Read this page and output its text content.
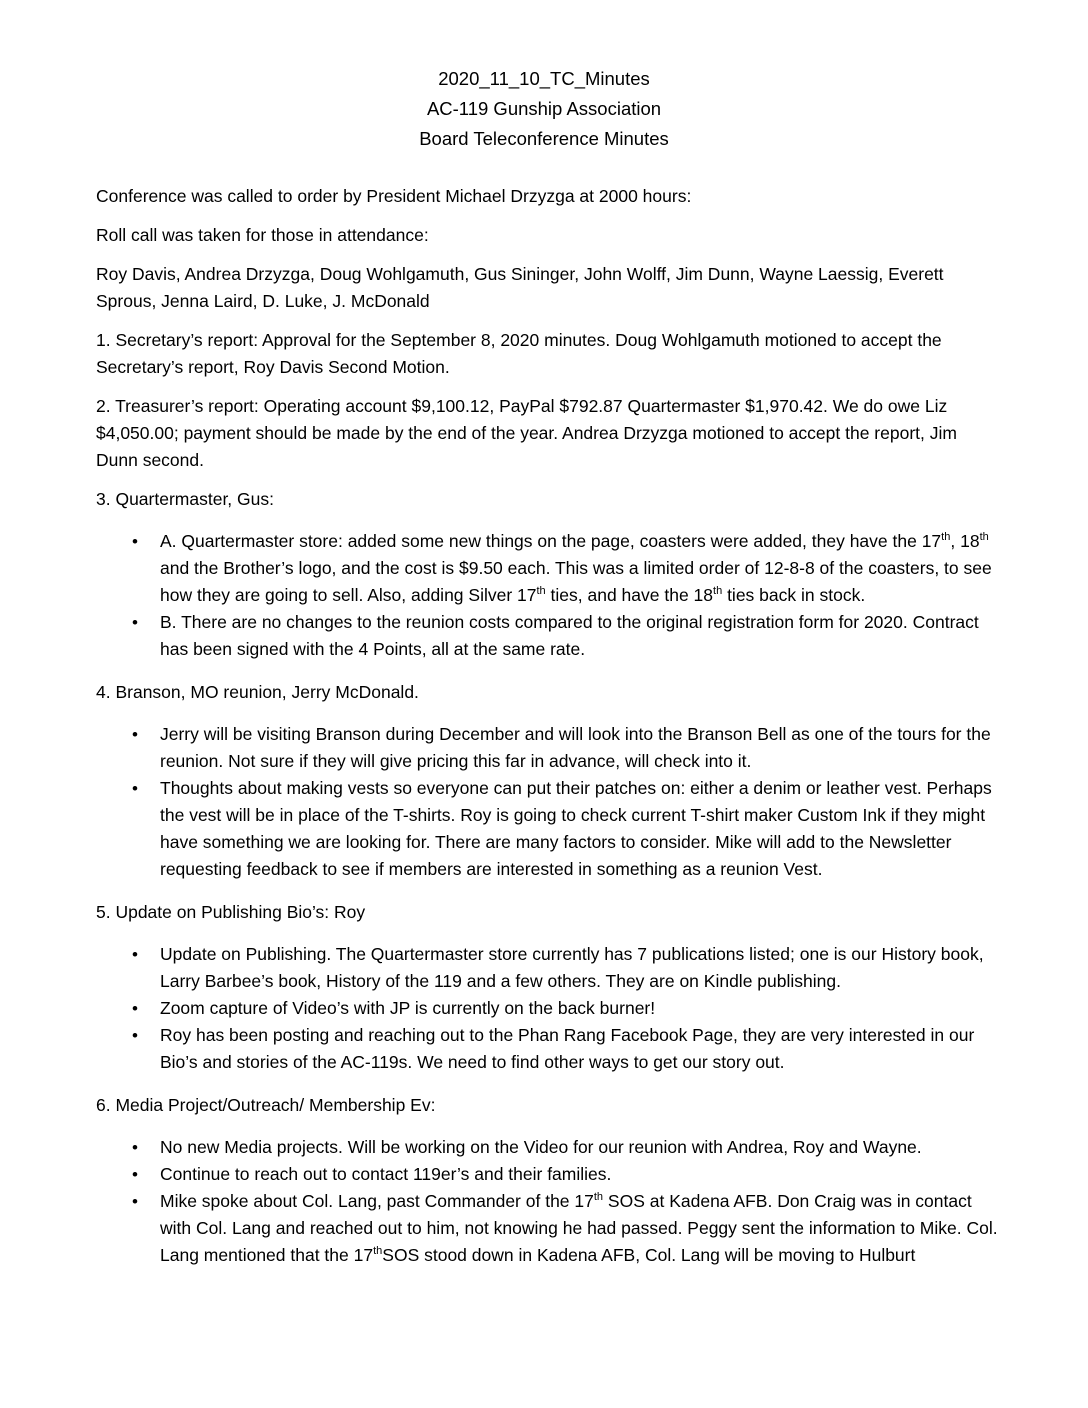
2020_11_10_TC_Minutes
AC-119 Gunship Association
Board Teleconference Minutes

Conference was called to order by President Michael Drzyzga at 2000 hours:

Roll call was taken for those in attendance:

Roy Davis, Andrea Drzyzga, Doug Wohlgamuth, Gus Sininger, John Wolff, Jim Dunn, Wayne Laessig, Everett Sprous, Jenna Laird, D. Luke, J. McDonald

1. Secretary’s report: Approval for the September 8, 2020 minutes. Doug Wohlgamuth motioned to accept the Secretary’s report, Roy Davis Second Motion.

2. Treasurer’s report: Operating account $9,100.12, PayPal $792.87 Quartermaster $1,970.42. We do owe Liz $4,050.00; payment should be made by the end of the year. Andrea Drzyzga motioned to accept the report, Jim Dunn second.

3. Quartermaster, Gus:

• A. Quartermaster store: added some new things on the page, coasters were added, they have the 17th, 18th and the Brother’s logo, and the cost is $9.50 each. This was a limited order of 12-8-8 of the coasters, to see how they are going to sell. Also, adding Silver 17th ties, and have the 18th ties back in stock.
• B. There are no changes to the reunion costs compared to the original registration form for 2020. Contract has been signed with the 4 Points, all at the same rate.

4. Branson, MO reunion, Jerry McDonald.

• Jerry will be visiting Branson during December and will look into the Branson Bell as one of the tours for the reunion. Not sure if they will give pricing this far in advance, will check into it.
• Thoughts about making vests so everyone can put their patches on: either a denim or leather vest. Perhaps the vest will be in place of the T-shirts. Roy is going to check current T-shirt maker Custom Ink if they might have something we are looking for. There are many factors to consider. Mike will add to the Newsletter requesting feedback to see if members are interested in something as a reunion Vest.

5. Update on Publishing Bio’s: Roy

• Update on Publishing. The Quartermaster store currently has 7 publications listed; one is our History book, Larry Barbee’s book, History of the 119 and a few others. They are on Kindle publishing.
• Zoom capture of Video’s with JP is currently on the back burner!
• Roy has been posting and reaching out to the Phan Rang Facebook Page, they are very interested in our Bio’s and stories of the AC-119s. We need to find other ways to get our story out.

6. Media Project/Outreach/ Membership Ev:

• No new Media projects. Will be working on the Video for our reunion with Andrea, Roy and Wayne.
• Continue to reach out to contact 119er’s and their families.
• Mike spoke about Col. Lang, past Commander of the 17th SOS at Kadena AFB. Don Craig was in contact with Col. Lang and reached out to him, not knowing he had passed. Peggy sent the information to Mike. Col. Lang mentioned that the 17thSOS stood down in Kadena AFB, Col. Lang will be moving to Hulburt
